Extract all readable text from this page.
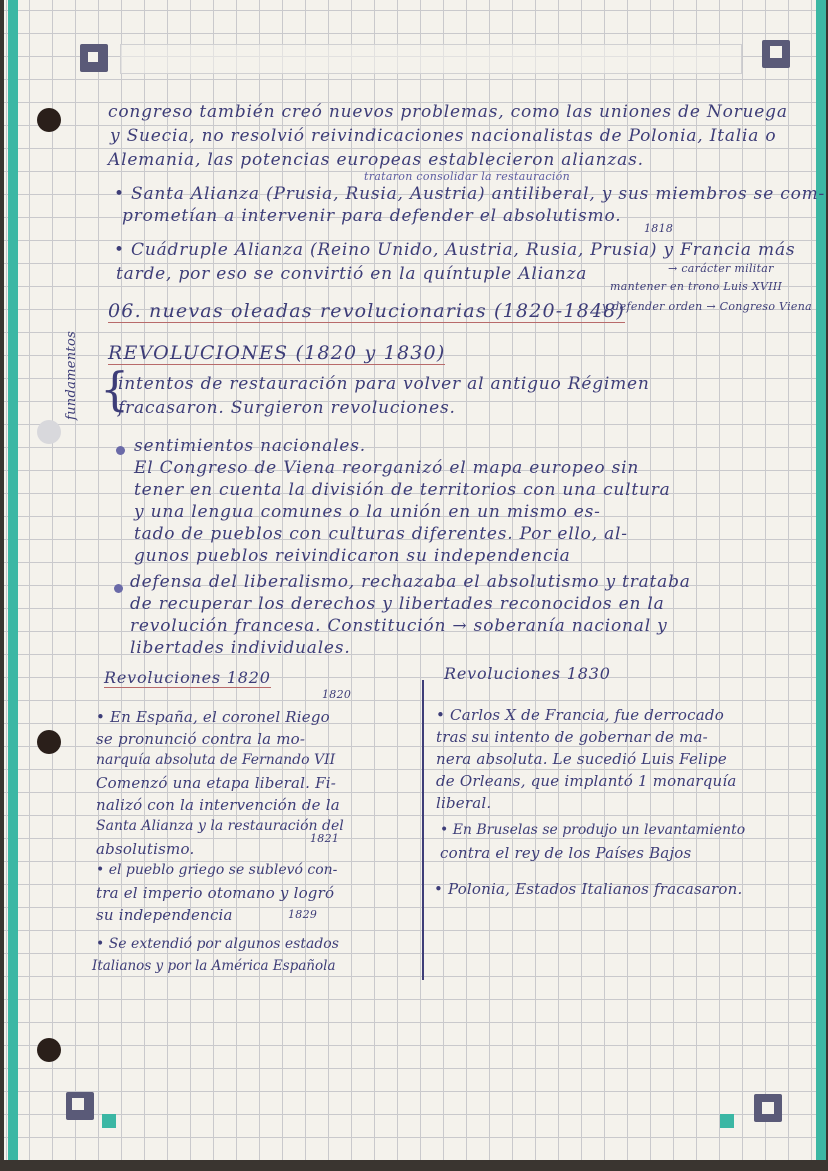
congreso también creó nuevos problemas, como las uniones de Noruega
y Suecia, no resolvió reivindicaciones nacionalistas de Polonia, Italia o
Alemania, las potencias europeas establecieron alianzas.
trataron consolidar la restauración
• Santa Alianza (Prusia, Rusia, Austria) antiliberal, y sus miembros se com-
prometían a intervenir para defender el absolutismo.
1818
• Cuádruple Alianza (Reino Unido, Austria, Rusia, Prusia) y Francia más
tarde, por eso se convirtió en la quíntuple Alianza	→ carácter militar
mantener en trono Luis XVIII
06. nuevas oleadas revolucionarias (1820-1848)
y defender orden → Congreso Viena
REVOLUCIONES (1820 y 1830)
fundamentos {
intentos de restauración para volver al antiguo Régimen
fracasaron. Surgieron revoluciones.
sentimientos nacionales.
El Congreso de Viena reorganizó el mapa europeo sin
tener en cuenta la división de territorios con una cultura
y una lengua comunes o la unión en un mismo es-
tado de pueblos con culturas diferentes. Por ello, al-
gunos pueblos reivindicaron su independencia
defensa del liberalismo, rechazaba el absolutismo y trataba
de recuperar los derechos y libertades reconocidos en la
revolución francesa. Constitución → soberanía nacional y
libertades individuales.
Revoluciones 1820	Revoluciones 1830
1820
• En España, el coronel Riego
se pronunció contra la mo-
narquía absoluta de Fernando VII
Comenzó una etapa liberal. Fi-
nalizó con la intervención de la
Santa Alianza y la restauración del
absolutismo.
1821
• el pueblo griego se sublevó con-
tra el imperio otomano y logró
su independencia	1829
• Se extendió por algunos estados
Italianos y por la América Española
• Carlos X de Francia, fue derrocado
tras su intento de gobernar de ma-
nera absoluta. Le sucedió Luis Felipe
de Orleans, que implantó 1 monarquía
liberal.
• En Bruselas se produjo un levantamiento
contra el rey de los Países Bajos
• Polonia, Estados Italianos fracasaron.
